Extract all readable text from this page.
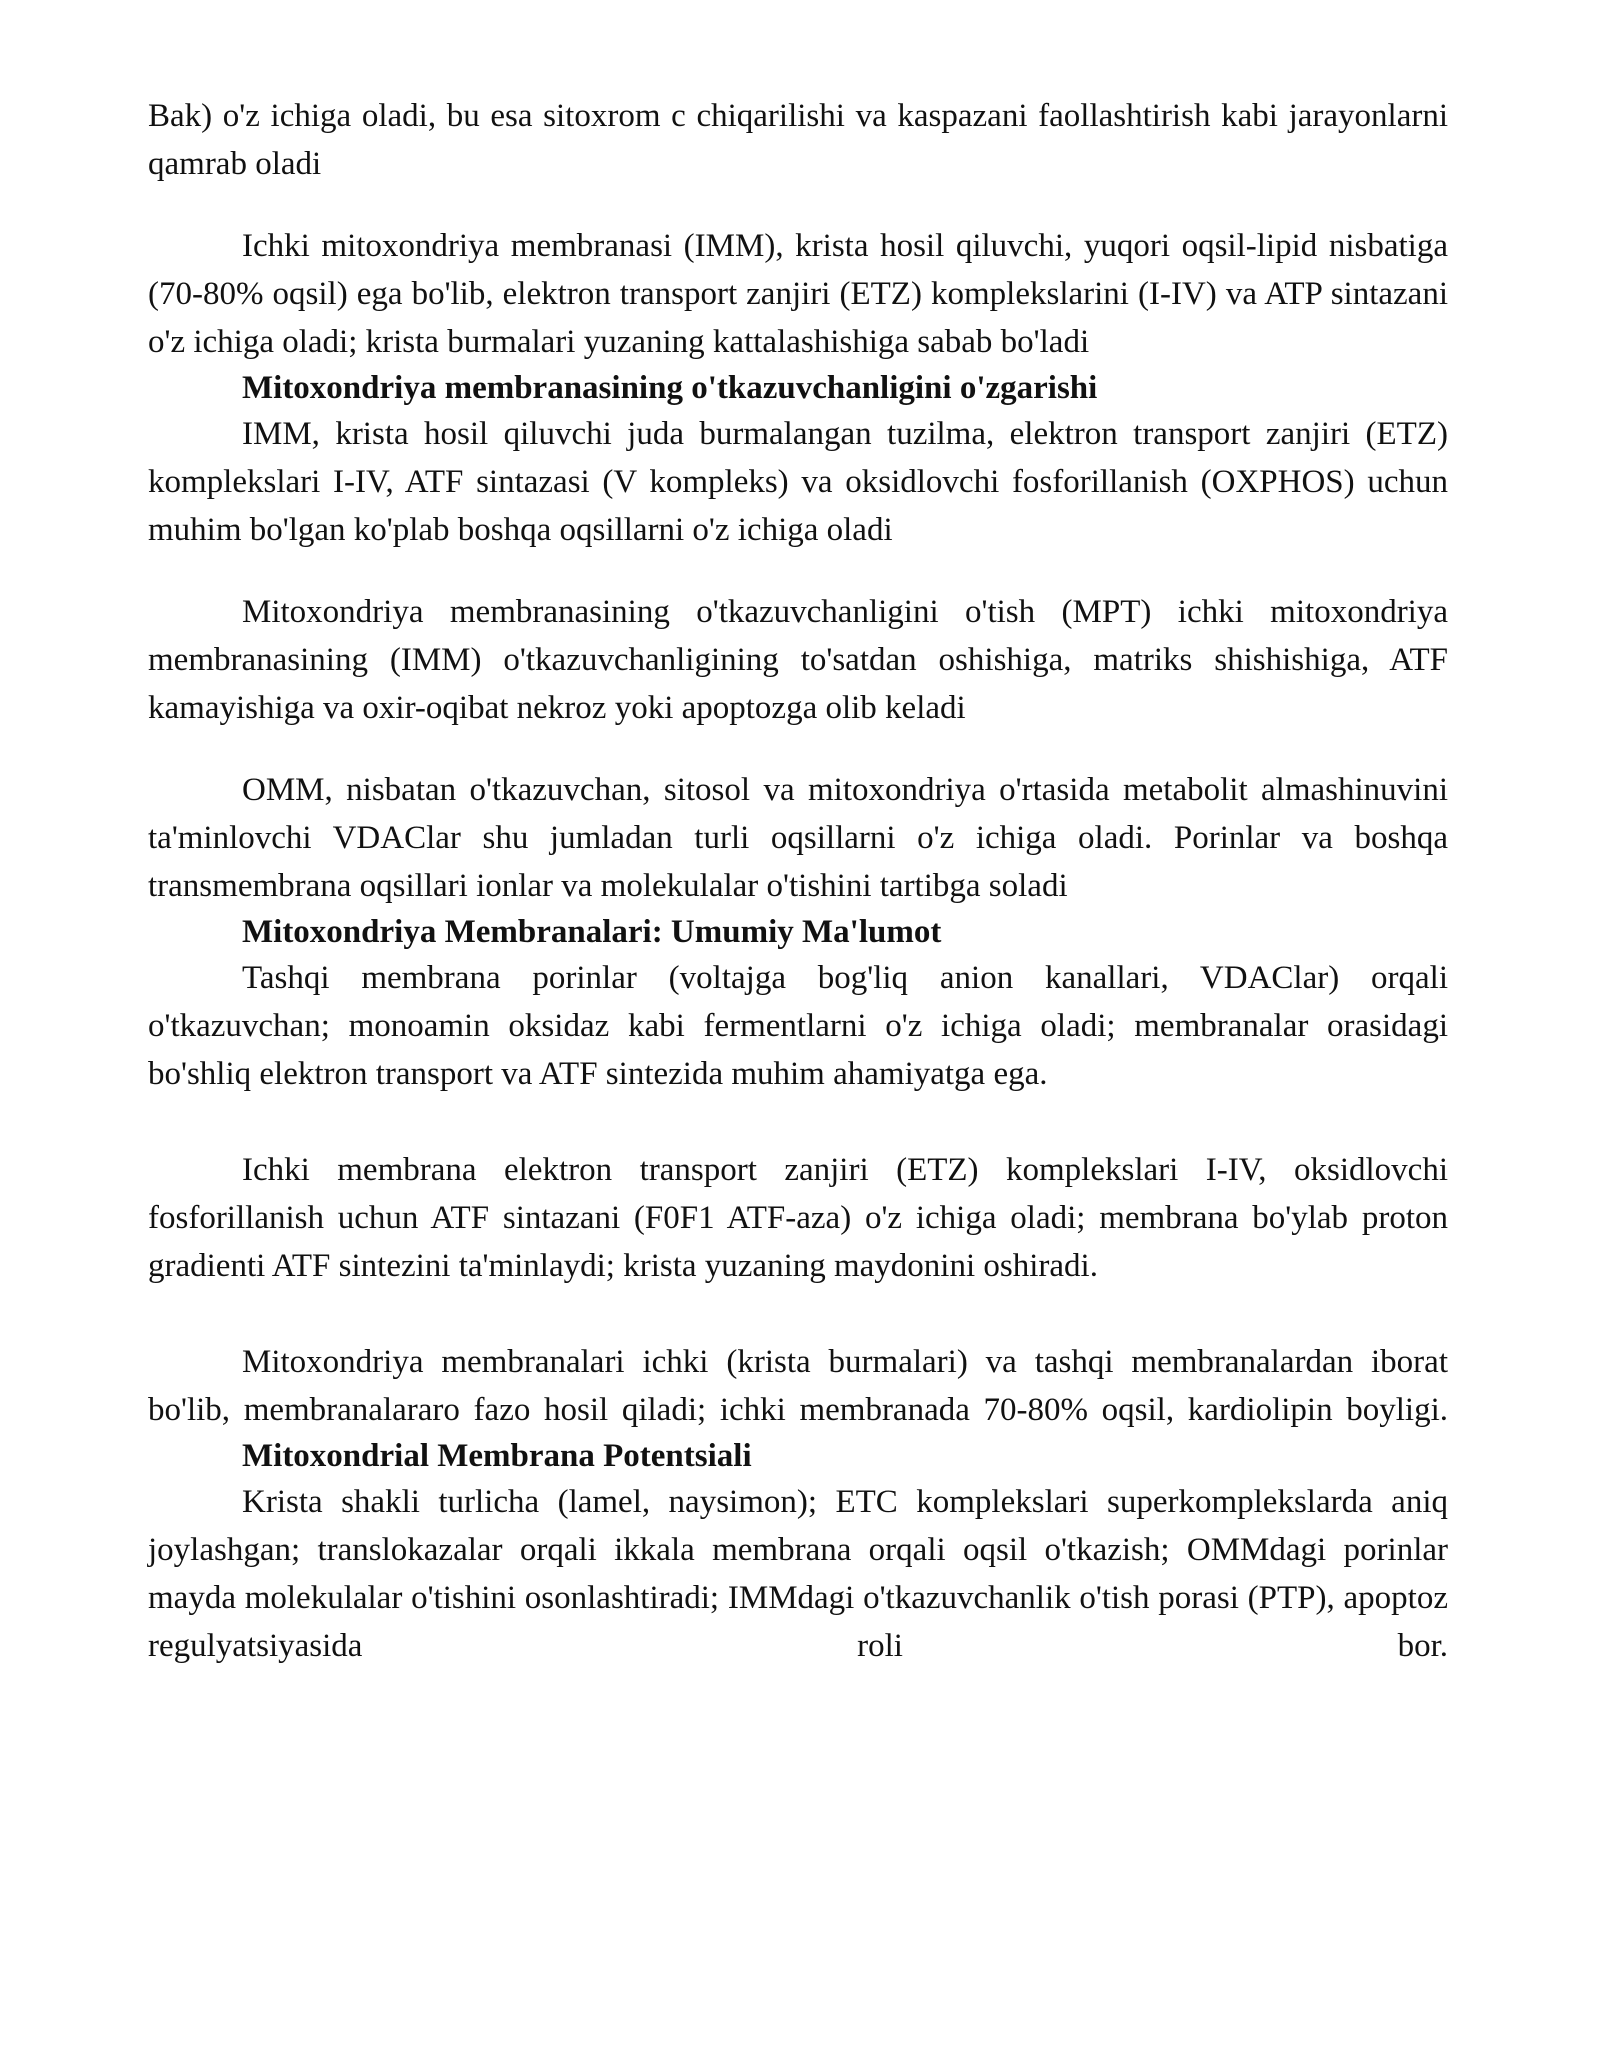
Bak) o'z ichiga oladi, bu esa sitoxrom c chiqarilishi va kaspazani faollashtirish kabi jarayonlarni qamrab oladi

Ichki mitoxondriya membranasi (IMM), krista hosil qiluvchi, yuqori oqsil-lipid nisbatiga (70-80% oqsil) ega bo'lib, elektron transport zanjiri (ETZ) komplekslarini (I-IV) va ATP sintazani o'z ichiga oladi; krista burmalari yuzaning kattalashishiga sabab bo'ladi

Mitoxondriya membranasining o'tkazuvchanligini o'zgarishi

IMM, krista hosil qiluvchi juda burmalangan tuzilma, elektron transport zanjiri (ETZ) komplekslari I-IV, ATF sintazasi (V kompleks) va oksidlovchi fosforillanish (OXPHOS) uchun muhim bo'lgan ko'plab boshqa oqsillarni o'z ichiga oladi

Mitoxondriya membranasining o'tkazuvchanligini o'tish (MPT) ichki mitoxondriya membranasining (IMM) o'tkazuvchanligining to'satdan oshishiga, matriks shishishiga, ATF kamayishiga va oxir-oqibat nekroz yoki apoptozga olib keladi

OMM, nisbatan o'tkazuvchan, sitosol va mitoxondriya o'rtasida metabolit almashinuvini ta'minlovchi VDAClar shu jumladan turli oqsillarni o'z ichiga oladi. Porinlar va boshqa transmembrana oqsillari ionlar va molekulalar o'tishini tartibga soladi

Mitoxondriya Membranalari: Umumiy Ma'lumot

Tashqi membrana porinlar (voltajga bog'liq anion kanallari, VDAClar) orqali o'tkazuvchan; monoamin oksidaz kabi fermentlarni o'z ichiga oladi; membranalar orasidagi bo'shliq elektron transport va ATF sintezida muhim ahamiyatga ega.

Ichki membrana elektron transport zanjiri (ETZ) komplekslari I-IV, oksidlovchi fosforillanish uchun ATF sintazani (F0F1 ATF-aza) o'z ichiga oladi; membrana bo'ylab proton gradienti ATF sintezini ta'minlaydi; krista yuzaning maydonini oshiradi.

Mitoxondriya membranalari ichki (krista burmalari) va tashqi membranalardan iborat bo'lib, membranalararo fazo hosil qiladi; ichki membranada 70-80% oqsil, kardiolipin boyligi.

Mitoxondrial Membrana Potentsiali

Krista shakli turlicha (lamel, naysimon); ETC komplekslari superkomplekslarda aniq joylashgan; translokazalar orqali ikkala membrana orqali oqsil o'tkazish; OMMdagi porinlar mayda molekulalar o'tishini osonlashtiradi; IMMdagi o'tkazuvchanlik o'tish porasi (PTP), apoptoz regulyatsiyasida roli bor.
